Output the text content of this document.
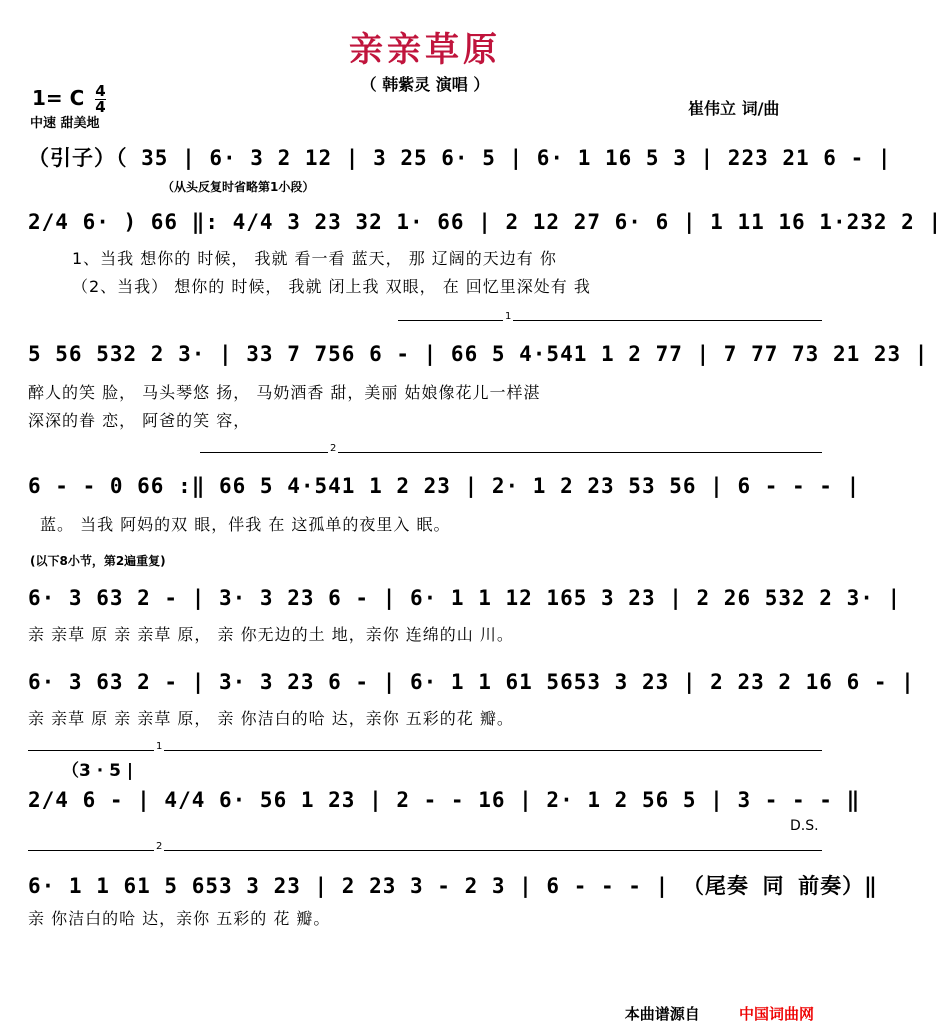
亲亲草原
（ 韩紫灵 演唱 ）
1= C $\frac{4}{4}$
中速 甜美地
崔伟立 词/曲
（引子）（ 35 | 6· 3 2 12 | 3 25 6· 5 | 6· 1 16 5 3 | 223 21 6 - |
（从头反复时省略第1小段）
2/4 6· ) 66 ‖: 4/4 3 23 32 1· 66 | 2 12 27 6· 6 | 1 11 16 1·232 2 |
1、当我 想你的 时候， 我就 看一看 蓝天， 那 辽阔的天边有 你
（2、当我） 想你的 时候， 我就 闭上我 双眼， 在 回忆里深处有 我
1
5 56 532 2 3· | 33 7 756 6 - | 66 5 4·541 1 2 77 | 7 77 73 21 23 |
醉人的笑 脸， 马头琴悠 扬， 马奶酒香 甜，美丽 姑娘像花儿一样湛
深深的眷 恋， 阿爸的笑 容，
2
6 - - 0 66 :‖ 66 5 4·541 1 2 23 | 2· 1 2 23 53 56 | 6 - - - |
蓝。 当我 阿妈的双 眼，伴我 在 这孤单的夜里入 眠。
(以下8小节，第2遍重复)
6· 3 63 2 - | 3· 3 23 6 - | 6· 1 1 12 165 3 23 | 2 26 532 2 3· |
亲 亲草 原 亲 亲草 原， 亲 你无边的土 地，亲你 连绵的山 川。
6· 3 63 2 - | 3· 3 23 6 - | 6· 1 1 61 5653 3 23 | 2 23 2 16 6 - |
亲 亲草 原 亲 亲草 原， 亲 你洁白的哈 达，亲你 五彩的花 瓣。
1
（3 · 5 |
2/4 6 - | 4/4 6· 56 1 23 | 2 - - 16 | 2· 1 2 56 5 | 3 - - - ‖
D.S.
2
6· 1 1 61 5 653 3 23 | 2 23 3 - 2 3 | 6 - - - | （尾奏 同 前奏）‖
亲 你洁白的哈 达，亲你 五彩的 花 瓣。
本曲谱源自	中国词曲网
